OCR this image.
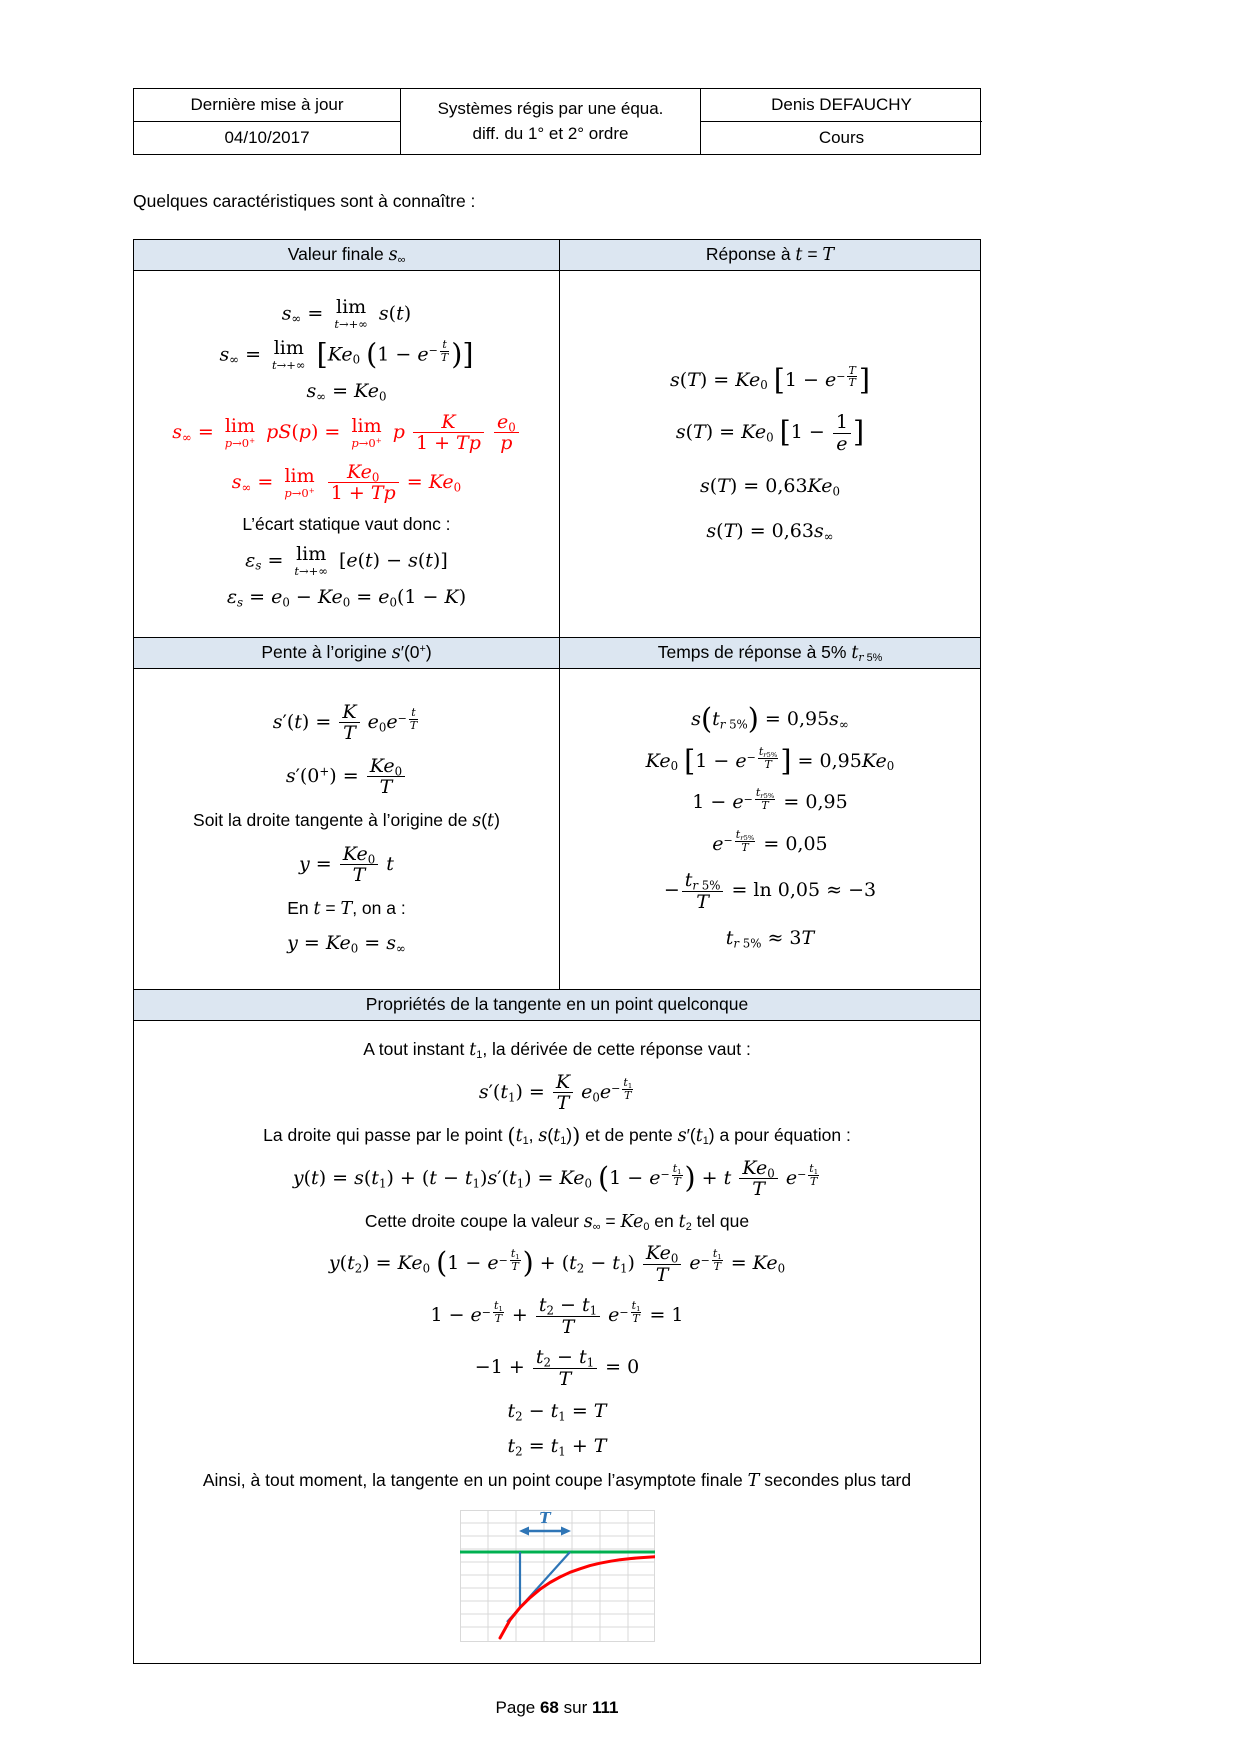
Dernière mise à jour
04/10/2017
Systèmes régis par une équa.
diff. du 1° et 2° ordre
Denis DEFAUCHY
Cours
Quelques caractéristiques sont à connaître :
Valeur finale $s_\infty$	Réponse à t = T
$s_\infty = \lim$
t→+∞ s(t)
$s_\infty = \lim$
t→+∞ [$Ke_0$ ($1 - e^{- \frac{t}{T}}$ )]
$s_\infty = Ke_0$
$s_\infty = \lim$
p→0+ pS(p) = lim
p→0+ p $\frac{K}{1 + Tp}$
$\frac{e_0}{p}$
$s_\infty = \lim$
p→0+
$\frac{Ke_0}{1 + Tp} = Ke_0$
L’écart statique vaut donc :
$\varepsilon_s = \lim$
t→+∞ [e(t) − s(t)]
$\varepsilon_s = e_0 - Ke_0 = e_0(1 - K)$
$s(T) = Ke_0$ [$1 - e^{- \frac{T}{T}}$ ]
$s(T) = Ke_0$ [$1 - \frac{1}{e}$ ]
$s(T) = 0,63Ke_0$
$s(T) = 0,63s_\infty$
Pente à l’origine s′(0+)	Temps de réponse à 5% $t_{r 5\%}$
$s'(t) = \frac{K}{T} e_0e^{- \frac{t}{T}}$
$s'(0^+) = \frac{Ke_0}{T}$
Soit la droite tangente à l’origine de s(t)
$y = \frac{Ke_0}{T}$ t
En t = T, on a :
$y = Ke_0 = s_\infty$
$s(t_{r 5\%}) = 0,95s_\infty$
$Ke_0$ [$1 - e^{- \frac{t_{r5\%}}{T}}$ ] = $0,95Ke_0$
$1 - e^{- \frac{t_{r5\%}}{T}} = 0,95$
$e^{- \frac{t_{r5\%}}{T}} = 0,05$
− $\frac{t_{r 5\%}}{T} = \ln 0,05 \approx -3$
$t_{r 5\%} \approx 3T$
Propriétés de la tangente en un point quelconque
A tout instant $t_1$, la dérivée de cette réponse vaut :
$s'(t_1) = \frac{K}{T} e_0e^{- \frac{t_1}{T}}$
La droite qui passe par le point ($t_1$, $s(t_1)$) et de pente $s'(t_1)$ a pour équation :
$y(t) = s(t_1) + (t - t_1)s'(t_1) = Ke_0$ ($1 - e^{- \frac{t_1}{T}}$ ) + t $\frac{Ke_0}{T} e^{- \frac{t_1}{T}}$
Cette droite coupe la valeur $s_\infty = Ke_0$ en $t_2$ tel que
$y(t_2) = Ke_0$ ($1 - e^{- \frac{t_1}{T}}$ ) + $(t_2 - t_1) \frac{Ke_0}{T} e^{- \frac{t_1}{T}} = Ke_0$
$1 - e^{- \frac{t_1}{T}} + \frac{t_2 - t_1}{T} e^{- \frac{t_1}{T}} = 1$
$-1 + \frac{t_2 - t_1}{T} = 0$
$t_2 - t_1 = T$
$t_2 = t_1 + T$
Ainsi, à tout moment, la tangente en un point coupe l’asymptote finale T secondes plus tard
T
Page 68 sur 111
